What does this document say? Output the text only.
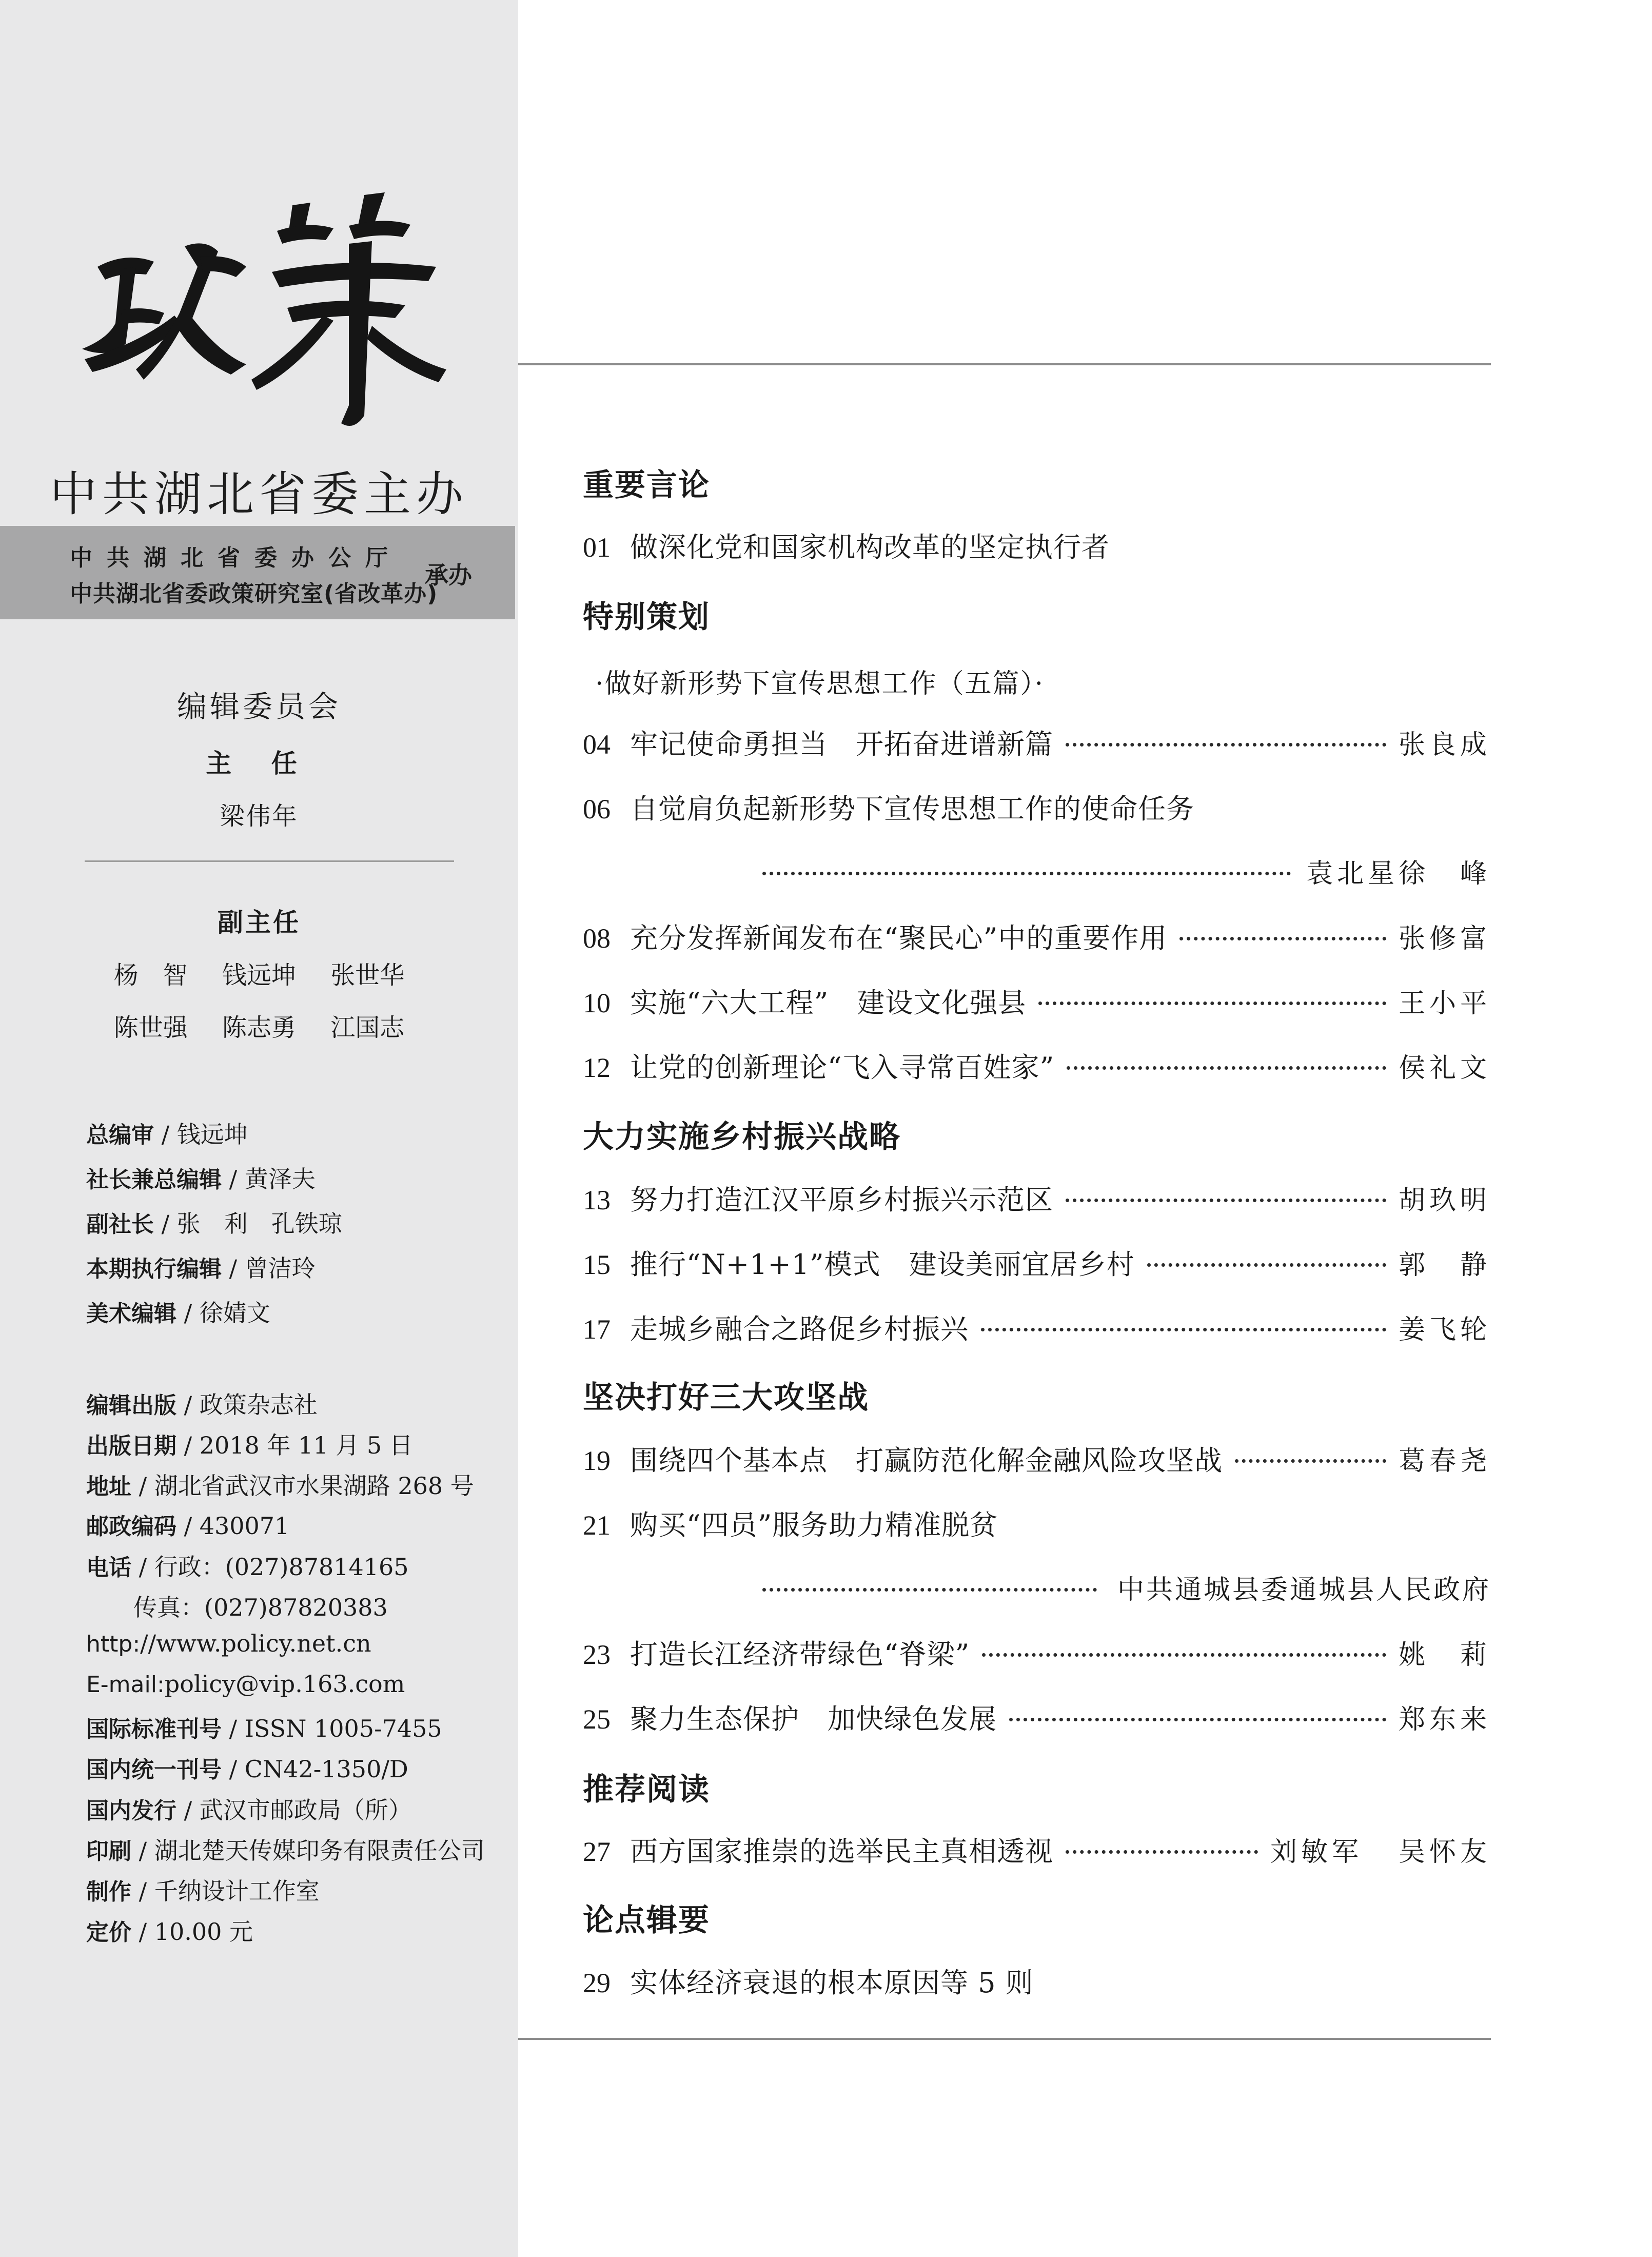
中共湖北省委主办
中共湖北省委办公厅
中共湖北省委政策研究室(省改革办)
承办
编辑委员会
主 任
梁伟年
副主任
杨　智 钱远坤 张世华
陈世强 陈志勇 江国志
总编审 / 钱远坤
社长兼总编辑 / 黄泽夫
副社长 / 张　利　孔铁琼
本期执行编辑 / 曾洁玲
美术编辑 / 徐婧文
编辑出版 / 政策杂志社
出版日期 / 2018 年 11 月 5 日
地址 / 湖北省武汉市水果湖路 268 号
邮政编码 / 430071
电话 / 行政：(027)87814165
　　传真：(027)87820383
http://www.policy.net.cn
E-mail:policy@vip.163.com
国际标准刊号 / ISSN 1005-7455
国内统一刊号 / CN42-1350/D
国内发行 / 武汉市邮政局（所）
印刷 / 湖北楚天传媒印务有限责任公司
制作 / 千纳设计工作室
定价 / 10.00 元
重要言论
01 做深化党和国家机构改革的坚定执行者
特别策划
·做好新形势下宣传思想工作（五篇）·
04 牢记使命勇担当　开拓奋进谱新篇	张良成
06 自觉肩负起新形势下宣传思想工作的使命任务
袁北星徐　峰
08 充分发挥新闻发布在“聚民心”中的重要作用	张修富
10 实施“六大工程”　建设文化强县	王小平
12 让党的创新理论“飞入寻常百姓家”	侯礼文
大力实施乡村振兴战略
13 努力打造江汉平原乡村振兴示范区	胡玖明
15 推行“N+1+1”模式　建设美丽宜居乡村	郭　静
17 走城乡融合之路促乡村振兴	姜飞轮
坚决打好三大攻坚战
19 围绕四个基本点　打赢防范化解金融风险攻坚战	葛春尧
21 购买“四员”服务助力精准脱贫
中共通城县委通城县人民政府
23 打造长江经济带绿色“脊梁”	姚　莉
25 聚力生态保护　加快绿色发展	郑东来
推荐阅读
27 西方国家推崇的选举民主真相透视	刘敏军 吴怀友
论点辑要
29 实体经济衰退的根本原因等 5 则
